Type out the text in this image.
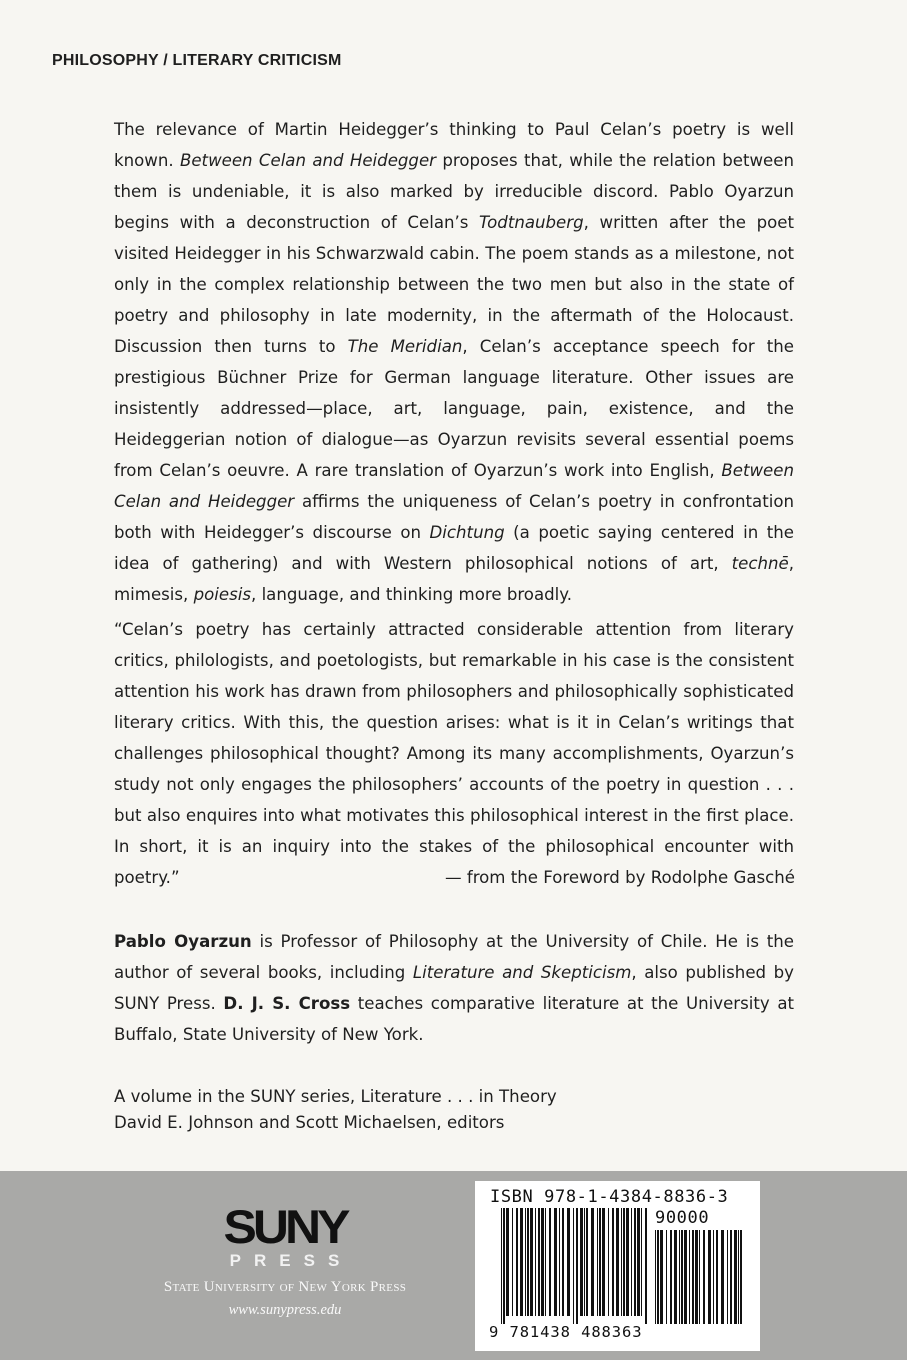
PHILOSOPHY / LITERARY CRITICISM

The relevance of Martin Heidegger’s thinking to Paul Celan’s poetry is well known. Between Celan and Heidegger proposes that, while the relation between them is undeniable, it is also marked by irreducible discord. Pablo Oyarzun begins with a deconstruction of Celan’s Todtnauberg, written after the poet visited Heidegger in his Schwarzwald cabin. The poem stands as a milestone, not only in the complex relationship between the two men but also in the state of poetry and philosophy in late modernity, in the aftermath of the Holocaust. Discussion then turns to The Meridian, Celan’s acceptance speech for the prestigious Büchner Prize for German language literature. Other issues are insistently addressed—place, art, language, pain, existence, and the Heideggerian notion of dialogue—as Oyarzun revisits several essential poems from Celan’s oeuvre. A rare translation of Oyarzun’s work into English, Between Celan and Heidegger affirms the uniqueness of Celan’s poetry in confrontation both with Heidegger’s discourse on Dichtung (a poetic saying centered in the idea of gathering) and with Western philosophical notions of art, technē, mimesis, poiesis, language, and thinking more broadly.

“Celan’s poetry has certainly attracted considerable attention from literary critics, philologists, and poetologists, but remarkable in his case is the consistent attention his work has drawn from philosophers and philosophically sophisticated literary critics. With this, the question arises: what is it in Celan’s writings that challenges philosophical thought? Among its many accomplishments, Oyarzun’s study not only engages the philosophers’ accounts of the poetry in question . . . but also enquires into what motivates this philosophical interest in the first place. In short, it is an inquiry into the stakes of the philosophical encounter with poetry.”	— from the Foreword by Rodolphe Gasché

Pablo Oyarzun is Professor of Philosophy at the University of Chile. He is the author of several books, including Literature and Skepticism, also published by SUNY Press. D. J. S. Cross teaches comparative literature at the University at Buffalo, State University of New York.

A volume in the SUNY series, Literature . . . in Theory
David E. Johnson and Scott Michaelsen, editors
SUNY
PRESS
State University of New York Press
www.sunypress.edu
ISBN 978-1-4384-8836-3
90000
9 781438 488363
